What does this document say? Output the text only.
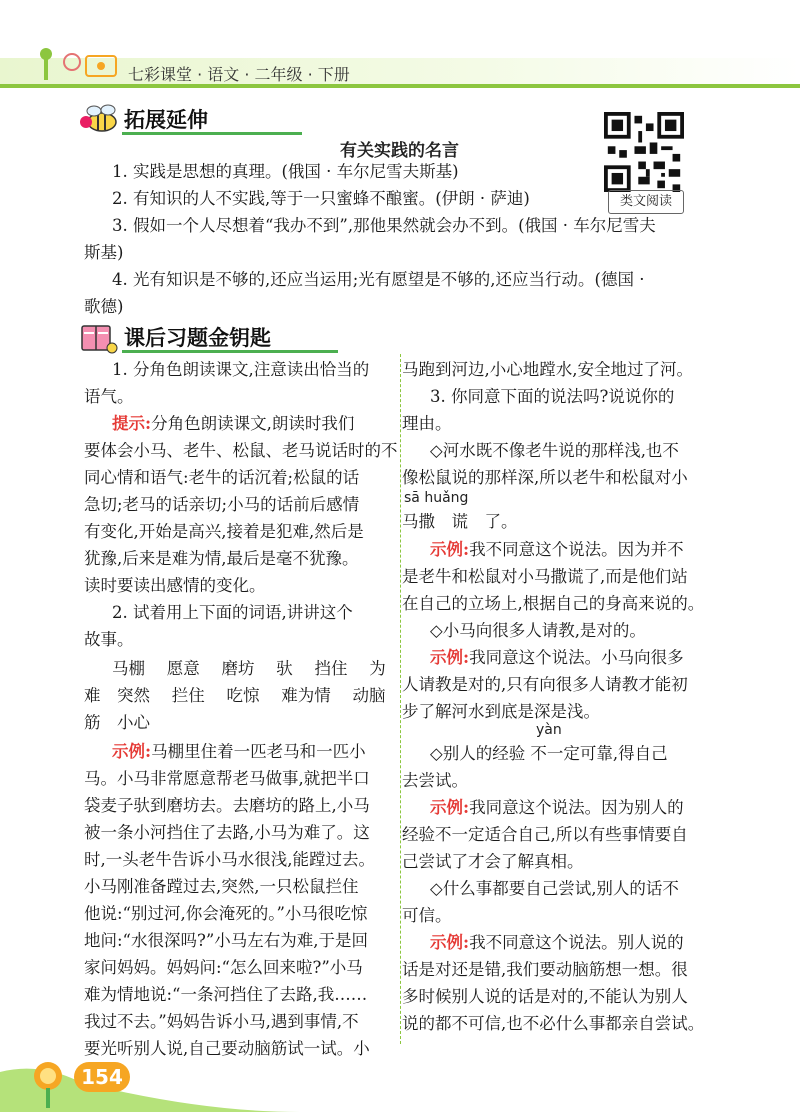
七彩课堂 · 语文 · 二年级 · 下册
拓展延伸
有关实践的名言
类文阅读
1. 实践是思想的真理。(俄国 · 车尔尼雪夫斯基)
2. 有知识的人不实践,等于一只蜜蜂不酿蜜。(伊朗 · 萨迪)
3. 假如一个人尽想着“我办不到”,那他果然就会办不到。(俄国 · 车尔尼雪夫
斯基)
4. 光有知识是不够的,还应当运用;光有愿望是不够的,还应当行动。(德国 ·
歌德)
课后习题金钥匙
1. 分角色朗读课文,注意读出恰当的
语气。
提示:分角色朗读课文,朗读时我们
要体会小马、老牛、松鼠、老马说话时的不
同心情和语气:老牛的话沉着;松鼠的话
急切;老马的话亲切;小马的话前后感情
有变化,开始是高兴,接着是犯难,然后是
犹豫,后来是难为情,最后是毫不犹豫。
读时要读出感情的变化。
2. 试着用上下面的词语,讲讲这个
故事。
马棚　 愿意　 磨坊　 驮　 挡住　 为
难　突然　 拦住　 吃惊　 难为情　 动脑
筋　小心
示例:马棚里住着一匹老马和一匹小
马。小马非常愿意帮老马做事,就把半口
袋麦子驮到磨坊去。去磨坊的路上,小马
被一条小河挡住了去路,小马为难了。这
时,一头老牛告诉小马水很浅,能蹚过去。
小马刚准备蹚过去,突然,一只松鼠拦住
他说:“别过河,你会淹死的。”小马很吃惊
地问:“水很深吗?”小马左右为难,于是回
家问妈妈。妈妈问:“怎么回来啦?”小马
难为情地说:“一条河挡住了去路,我……
我过不去。”妈妈告诉小马,遇到事情,不
要光听别人说,自己要动脑筋试一试。小
马跑到河边,小心地蹚水,安全地过了河。
3. 你同意下面的说法吗?说说你的
理由。
◇河水既不像老牛说的那样浅,也不
像松鼠说的那样深,所以老牛和松鼠对小
sā huǎng
马撒　谎　了。
示例:我不同意这个说法。因为并不
是老牛和松鼠对小马撒谎了,而是他们站
在自己的立场上,根据自己的身高来说的。
◇小马向很多人请教,是对的。
示例:我同意这个说法。小马向很多
人请教是对的,只有向很多人请教才能初
步了解河水到底是深是浅。
yàn
◇别人的经验 不一定可靠,得自己
去尝试。
示例:我同意这个说法。因为别人的
经验不一定适合自己,所以有些事情要自
己尝试了才会了解真相。
◇什么事都要自己尝试,别人的话不
可信。
示例:我不同意这个说法。别人说的
话是对还是错,我们要动脑筋想一想。很
多时候别人说的话是对的,不能认为别人
说的都不可信,也不必什么事都亲自尝试。
154
